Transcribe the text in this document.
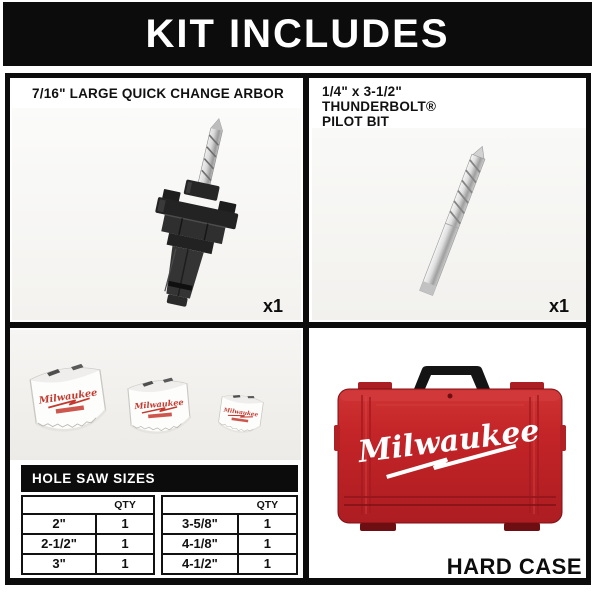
KIT INCLUDES
7/16" LARGE QUICK CHANGE ARBOR
x1
1/4" x 3-1/2"
THUNDERBOLT®
PILOT BIT
x1
HOLE SAW SIZES
QTY
2"	1
2-1/2"	1
3"	1
QTY
3-5/8"	1
4-1/8"	1
4-1/2"	1
Milwaukee
HARD CASE
